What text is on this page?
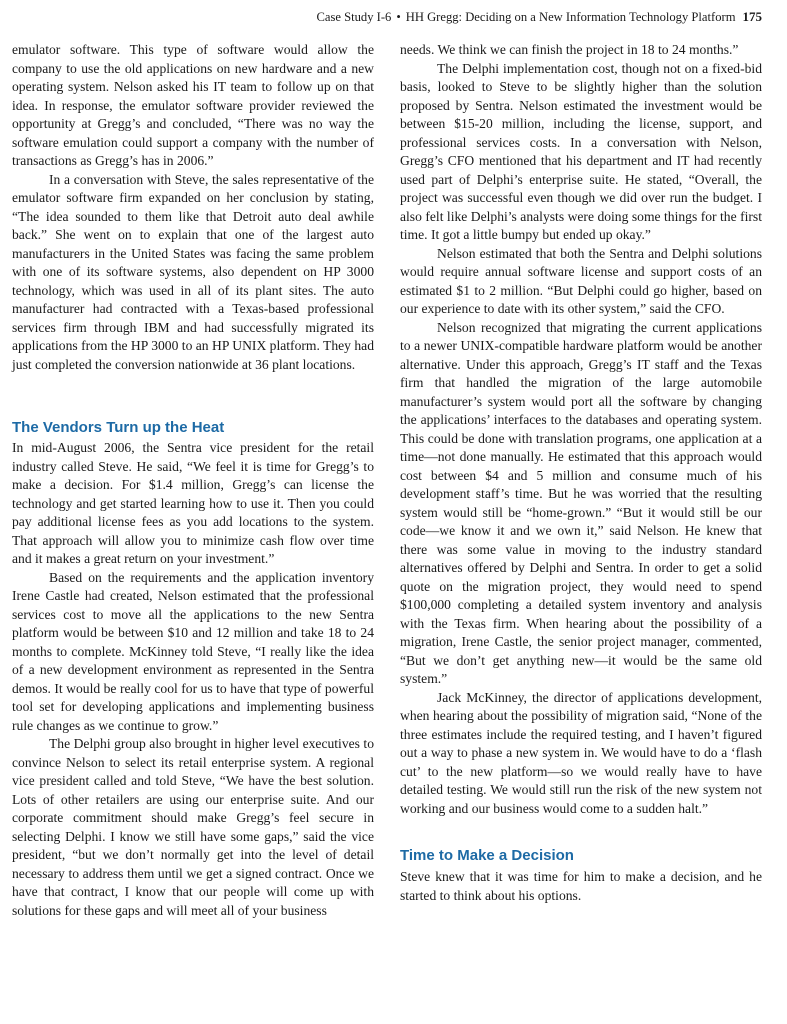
Case Study I-6 • HH Gregg: Deciding on a New Information Technology Platform 175

emulator software. This type of software would allow the company to use the old applications on new hardware and a new operating system. Nelson asked his IT team to follow up on that idea. In response, the emulator software provider reviewed the opportunity at Gregg’s and concluded, “There was no way the software emulation could support a company with the number of transactions as Gregg’s has in 2006.”

In a conversation with Steve, the sales representative of the emulator software firm expanded on her conclusion by stating, “The idea sounded to them like that Detroit auto deal awhile back.” She went on to explain that one of the largest auto manufacturers in the United States was facing the same problem with one of its software systems, also dependent on HP 3000 technology, which was used in all of its plant sites. The auto manufacturer had contracted with a Texas-based professional services firm through IBM and had successfully migrated its applications from the HP 3000 to an HP UNIX platform. They had just completed the conversion nationwide at 36 plant locations.

The Vendors Turn up the Heat

In mid-August 2006, the Sentra vice president for the retail industry called Steve. He said, “We feel it is time for Gregg’s to make a decision. For $1.4 million, Gregg’s can license the technology and get started learning how to use it. Then you could pay additional license fees as you add locations to the system. That approach will allow you to minimize cash flow over time and it makes a great return on your investment.”

Based on the requirements and the application inventory Irene Castle had created, Nelson estimated that the professional services cost to move all the applications to the new Sentra platform would be between $10 and 12 million and take 18 to 24 months to complete. McKinney told Steve, “I really like the idea of a new development environment as represented in the Sentra demos. It would be really cool for us to have that type of powerful tool set for developing applications and implementing business rule changes as we continue to grow.”

The Delphi group also brought in higher level executives to convince Nelson to select its retail enterprise system. A regional vice president called and told Steve, “We have the best solution. Lots of other retailers are using our enterprise suite. And our corporate commitment should make Gregg’s feel secure in selecting Delphi. I know we still have some gaps,” said the vice president, “but we don’t normally get into the level of detail necessary to address them until we get a signed contract. Once we have that contract, I know that our people will come up with solutions for these gaps and will meet all of your business

needs. We think we can finish the project in 18 to 24 months.”

The Delphi implementation cost, though not on a fixed-bid basis, looked to Steve to be slightly higher than the solution proposed by Sentra. Nelson estimated the investment would be between $15-20 million, including the license, support, and professional services costs. In a conversation with Nelson, Gregg’s CFO mentioned that his department and IT had recently used part of Delphi’s enterprise suite. He stated, “Overall, the project was successful even though we did over run the budget. I also felt like Delphi’s analysts were doing some things for the first time. It got a little bumpy but ended up okay.”

Nelson estimated that both the Sentra and Delphi solutions would require annual software license and support costs of an estimated $1 to 2 million. “But Delphi could go higher, based on our experience to date with its other system,” said the CFO.

Nelson recognized that migrating the current applications to a newer UNIX-compatible hardware platform would be another alternative. Under this approach, Gregg’s IT staff and the Texas firm that handled the migration of the large automobile manufacturer’s system would port all the software by changing the applications’ interfaces to the databases and operating system. This could be done with translation programs, one application at a time—not done manually. He estimated that this approach would cost between $4 and 5 million and consume much of his development staff’s time. But he was worried that the resulting system would still be “home-grown.” “But it would still be our code—we know it and we own it,” said Nelson. He knew that there was some value in moving to the industry standard alternatives offered by Delphi and Sentra. In order to get a solid quote on the migration project, they would need to spend $100,000 completing a detailed system inventory and analysis with the Texas firm. When hearing about the possibility of a migration, Irene Castle, the senior project manager, commented, “But we don’t get anything new—it would be the same old system.”

Jack McKinney, the director of applications development, when hearing about the possibility of migration said, “None of the three estimates include the required testing, and I haven’t figured out a way to phase a new system in. We would have to do a ‘flash cut’ to the new platform—so we would really have to have detailed testing. We would still run the risk of the new system not working and our business would come to a sudden halt.”

Time to Make a Decision

Steve knew that it was time for him to make a decision, and he started to think about his options.
